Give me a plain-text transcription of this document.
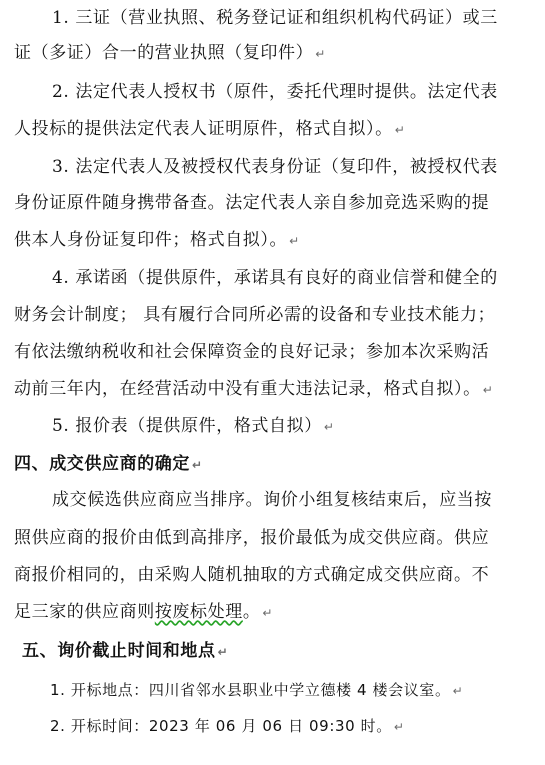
1. 三证（营业执照、税务登记证和组织机构代码证）或三
证（多证）合一的营业执照（复印件） ↵
2. 法定代表人授权书（原件，委托代理时提供。法定代表
人投标的提供法定代表人证明原件，格式自拟）。 ↵
3. 法定代表人及被授权代表身份证（复印件，被授权代表
身份证原件随身携带备查。法定代表人亲自参加竞选采购的提
供本人身份证复印件；格式自拟）。 ↵
4. 承诺函（提供原件，承诺具有良好的商业信誉和健全的
财务会计制度； 具有履行合同所必需的设备和专业技术能力；
有依法缴纳税收和社会保障资金的良好记录；参加本次采购活
动前三年内，在经营活动中没有重大违法记录，格式自拟）。 ↵
5. 报价表（提供原件，格式自拟） ↵
四、成交供应商的确定 ↵
成交候选供应商应当排序。询价小组复核结束后，应当按
照供应商的报价由低到高排序，报价最低为成交供应商。供应
商报价相同的，由采购人随机抽取的方式确定成交供应商。不
足三家的供应商则按废标处理。 ↵
五、询价截止时间和地点 ↵
1. 开标地点：四川省邻水县职业中学立德楼 4 楼会议室。 ↵
2. 开标时间：2023 年 06 月 06 日 09:30 时。 ↵
